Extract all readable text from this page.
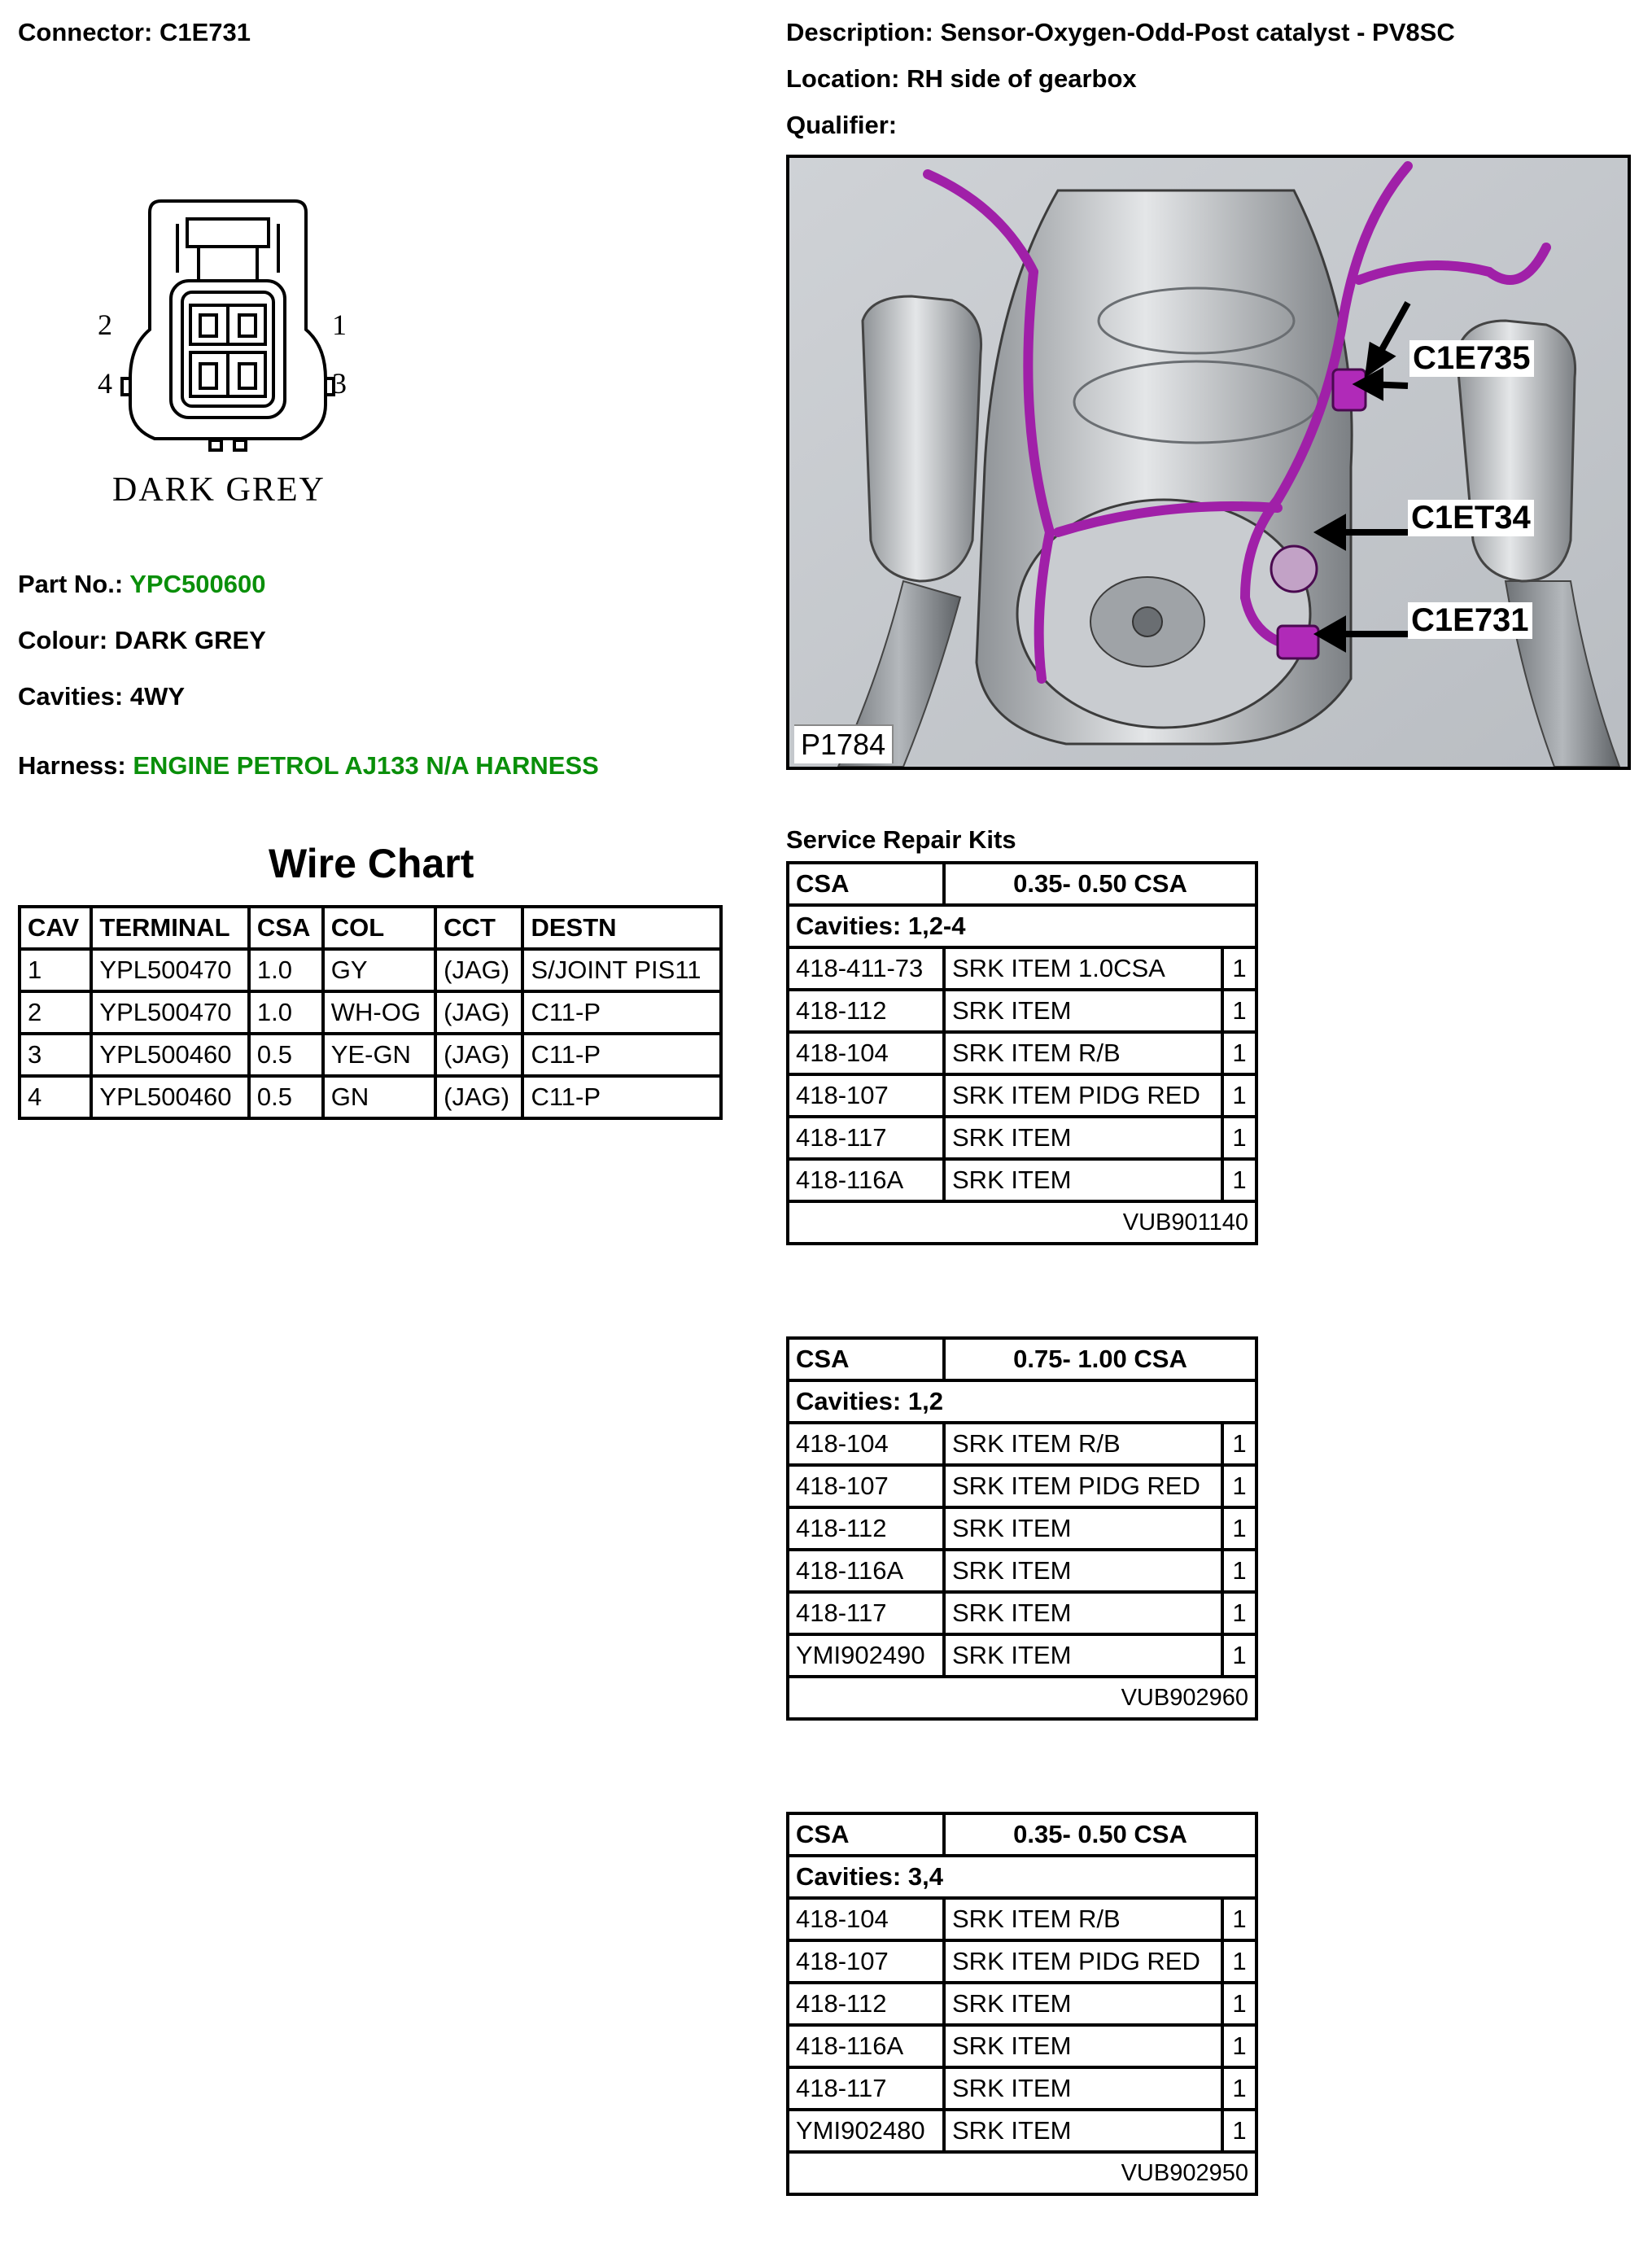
Connector: C1E731	Description: Sensor-Oxygen-Odd-Post catalyst - PV8SC
Location: RH side of gearbox
Qualifier:
2	1
4	3
DARK GREY
Part No.: YPC500600
Colour: DARK GREY
Cavities: 4WY
Harness: ENGINE PETROL AJ133 N/A HARNESS
C1E735
C1ET34
C1E731
P1784
Wire Chart
CAV	TERMINAL	CSA	COL	CCT	DESTN
1	YPL500470	1.0	GY	(JAG)	S/JOINT PIS11
2	YPL500470	1.0	WH-OG	(JAG)	C11-P
3	YPL500460	0.5	YE-GN	(JAG)	C11-P
4	YPL500460	0.5	GN	(JAG)	C11-P
Service Repair Kits
CSA	0.35- 0.50 CSA	
Cavities: 1,2-4		
418-411-73	SRK ITEM 1.0CSA	1
418-112	SRK ITEM	1
418-104	SRK ITEM R/B	1
418-107	SRK ITEM PIDG RED	1
418-117	SRK ITEM	1
418-116A	SRK ITEM	1
VUB901140		
CSA	0.75- 1.00 CSA	
Cavities: 1,2		
418-104	SRK ITEM R/B	1
418-107	SRK ITEM PIDG RED	1
418-112	SRK ITEM	1
418-116A	SRK ITEM	1
418-117	SRK ITEM	1
YMI902490	SRK ITEM	1
VUB902960		
CSA	0.35- 0.50 CSA	
Cavities: 3,4		
418-104	SRK ITEM R/B	1
418-107	SRK ITEM PIDG RED	1
418-112	SRK ITEM	1
418-116A	SRK ITEM	1
418-117	SRK ITEM	1
YMI902480	SRK ITEM	1
VUB902950		
